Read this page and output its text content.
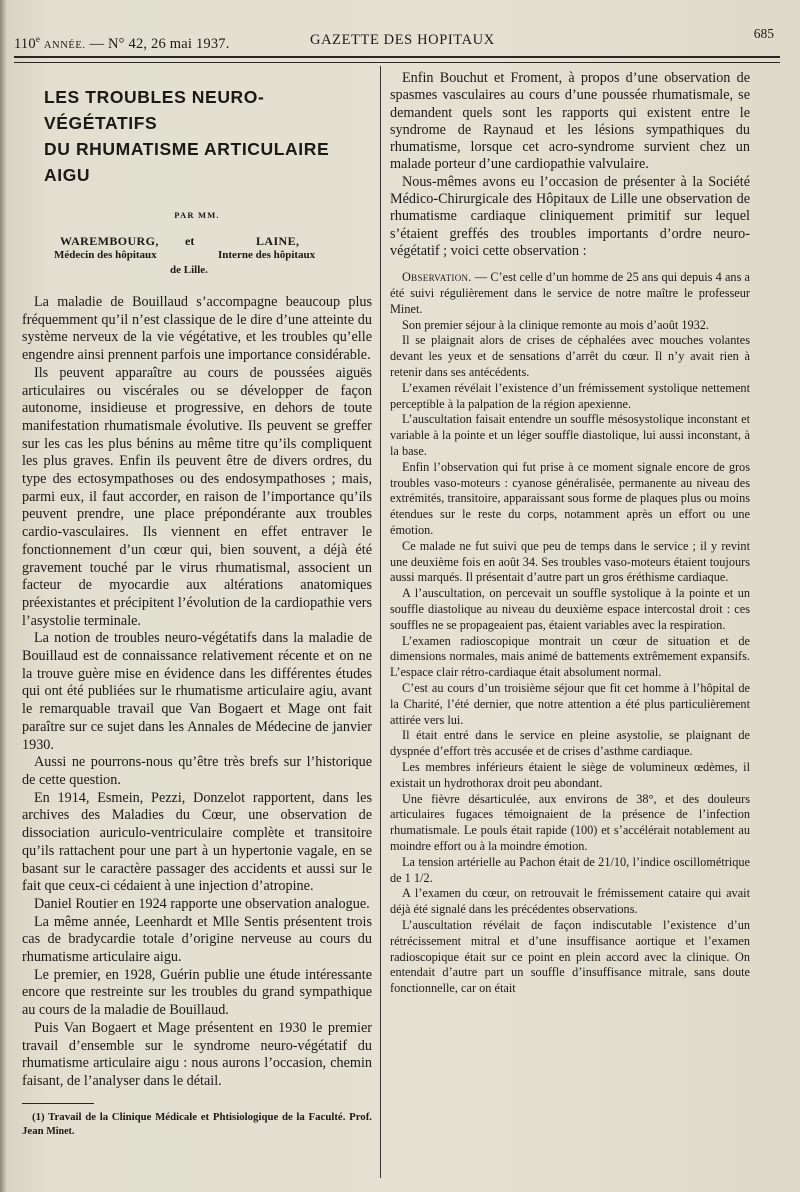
110e ANNÉE. — N° 42, 26 mai 1937.	GAZETTE DES HOPITAUX	685
LES TROUBLES NEURO-VÉGÉTATIFS
DU RHUMATISME ARTICULAIRE AIGU
PAR MM.
WAREMBOURG, et	LAINE,
Médecin des hôpitaux	Interne des hôpitaux
de Lille.

La maladie de Bouillaud s’accompagne beaucoup plus fréquemment qu’il n’est classique de le dire d’une atteinte du système nerveux de la vie végétative, et les troubles qu’elle engendre ainsi prennent parfois une importance considérable.

Ils peuvent apparaître au cours de poussées aiguës articulaires ou viscérales ou se développer de façon autonome, insidieuse et progressive, en dehors de toute manifestation rhumatismale évolutive. Ils peuvent se greffer sur les cas les plus bénins au même titre qu’ils compliquent les plus graves. Enfin ils peuvent être de divers ordres, du type des ectosympathoses ou des endosympathoses ; mais, parmi eux, il faut accorder, en raison de l’importance qu’ils peuvent prendre, une place prépondérante aux troubles cardio-vasculaires. Ils viennent en effet entraver le fonctionnement d’un cœur qui, bien souvent, a déjà été gravement touché par le virus rhumatismal, associent un facteur de myocardie aux altérations anatomiques préexistantes et précipitent l’évolution de la cardiopathie vers l’asystolie terminale.

La notion de troubles neuro-végétatifs dans la maladie de Bouillaud est de connaissance relativement récente et on ne la trouve guère mise en évidence dans les différentes études qui ont été publiées sur le rhumatisme articulaire agiu, avant le remarquable travail que Van Bogaert et Mage ont fait paraître sur ce sujet dans les Annales de Médecine de janvier 1930.

Aussi ne pourrons-nous qu’être très brefs sur l’historique de cette question.

En 1914, Esmein, Pezzi, Donzelot rapportent, dans les archives des Maladies du Cœur, une observation de dissociation auriculo-ventriculaire complète et transitoire qu’ils rattachent pour une part à un hypertonie vagale, en se basant sur le caractère passager des accidents et aussi sur le fait que ceux-ci cédaient à une injection d’atropine.

Daniel Routier en 1924 rapporte une observation analogue.

La même année, Leenhardt et Mlle Sentis présentent trois cas de bradycardie totale d’origine nerveuse au cours du rhumatisme articulaire aigu.

Le premier, en 1928, Guérin publie une étude intéressante encore que restreinte sur les troubles du grand sympathique au cours de la maladie de Bouillaud.

Puis Van Bogaert et Mage présentent en 1930 le premier travail d’ensemble sur le syndrome neuro-végétatif du rhumatisme articulaire aigu : nous aurons l’occasion, chemin faisant, de l’analyser dans le détail.

(1) Travail de la Clinique Médicale et Phtisiologique de la Faculté. Prof. Jean Minet.

Enfin Bouchut et Froment, à propos d’une observation de spasmes vasculaires au cours d’une poussée rhumatismale, se demandent quels sont les rapports qui existent entre le syndrome de Raynaud et les lésions sympathiques du rhumatisme, lorsque cet acro-syndrome survient chez un malade porteur d’une cardiopathie valvulaire.

Nous-mêmes avons eu l’occasion de présenter à la Société Médico-Chirurgicale des Hôpitaux de Lille une observation de rhumatisme cardiaque cliniquement primitif sur lequel s’étaient greffés des troubles importants d’ordre neuro-végétatif ; voici cette observation :

Observation. — C’est celle d’un homme de 25 ans qui depuis 4 ans a été suivi régulièrement dans le service de notre maître le professeur Minet.

Son premier séjour à la clinique remonte au mois d’août 1932.

Il se plaignait alors de crises de céphalées avec mouches volantes devant les yeux et de sensations d’arrêt du cœur. Il n’y avait rien à retenir dans ses antécédents.

L’examen révélait l’existence d’un frémissement systolique nettement perceptible à la palpation de la région apexienne.

L’auscultation faisait entendre un souffle mésosystolique inconstant et variable à la pointe et un léger souffle diastolique, lui aussi inconstant, à la base.

Enfin l’observation qui fut prise à ce moment signale encore de gros troubles vaso-moteurs : cyanose généralisée, permanente au niveau des extrémités, transitoire, apparaissant sous forme de plaques plus ou moins étendues sur le reste du corps, notamment après un effort ou une émotion.

Ce malade ne fut suivi que peu de temps dans le service ; il y revint une deuxième fois en août 34. Ses troubles vaso-moteurs étaient toujours aussi marqués. Il présentait d’autre part un gros éréthisme cardiaque.

A l’auscultation, on percevait un souffle systolique à la pointe et un souffle diastolique au niveau du deuxième espace intercostal droit : ces souffles ne se propageaient pas, étaient variables avec la respiration.

L’examen radioscopique montrait un cœur de situation et de dimensions normales, mais animé de battements extrêmement expansifs. L’espace clair rétro-cardiaque était absolument normal.

C’est au cours d’un troisième séjour que fit cet homme à l’hôpital de la Charité, l’été dernier, que notre attention a été plus particulièrement attirée vers lui.

Il était entré dans le service en pleine asystolie, se plaignant de dyspnée d’effort très accusée et de crises d’asthme cardiaque.

Les membres inférieurs étaient le siège de volumineux œdèmes, il existait un hydrothorax droit peu abondant.

Une fièvre désarticulée, aux environs de 38°, et des douleurs articulaires fugaces témoignaient de la présence de l’infection rhumatismale. Le pouls était rapide (100) et s’accélérait notablement au moindre effort ou à la moindre émotion.

La tension artérielle au Pachon était de 21/10, l’indice oscillométrique de 1 1/2.

A l’examen du cœur, on retrouvait le frémissement cataire qui avait déjà été signalé dans les précédentes observations.

L’auscultation révélait de façon indiscutable l’existence d’un rétrécissement mitral et d’une insuffisance aortique et l’examen radioscopique était sur ce point en plein accord avec la clinique. On entendait d’autre part un souffle d’insuffisance mitrale, sans doute fonctionnelle, car on était
